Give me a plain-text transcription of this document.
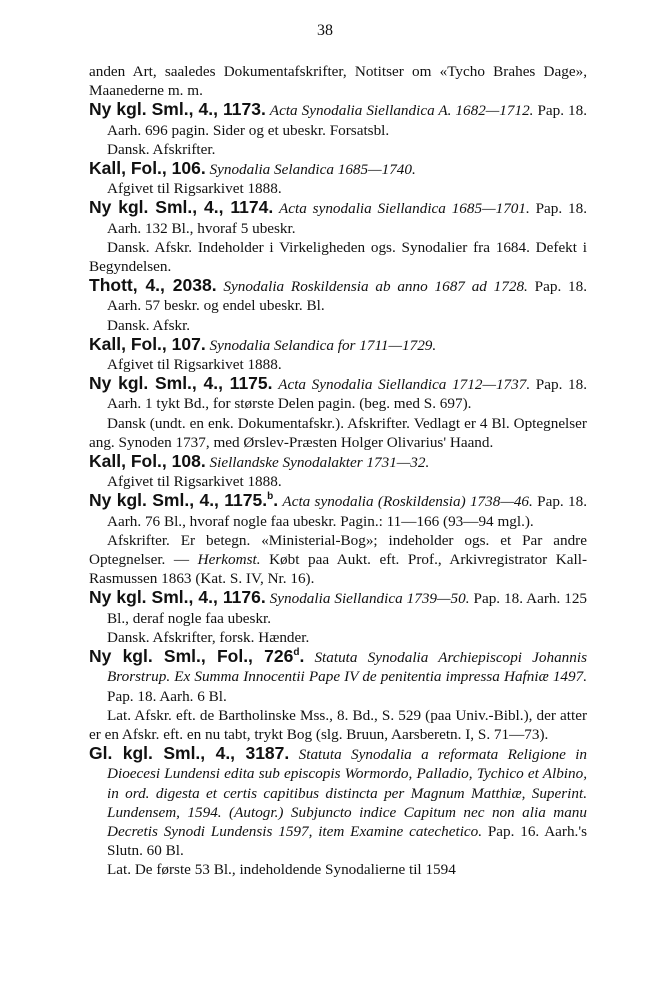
38

anden Art, saaledes Dokumentafskrifter, Notitser om «Tycho Brahes Dage», Maanederne m. m.

Ny kgl. Sml., 4., 1173. Acta Synodalia Siellandica A. 1682—1712. Pap. 18. Aarh. 696 pagin. Sider og et ubeskr. Forsatsbl.

Dansk. Afskrifter.

Kall, Fol., 106. Synodalia Selandica 1685—1740.

Afgivet til Rigsarkivet 1888.

Ny kgl. Sml., 4., 1174. Acta synodalia Siellandica 1685—1701. Pap. 18. Aarh. 132 Bl., hvoraf 5 ubeskr.

Dansk. Afskr. Indeholder i Virkeligheden ogs. Synodalier fra 1684. Defekt i Begyndelsen.

Thott, 4., 2038. Synodalia Roskildensia ab anno 1687 ad 1728. Pap. 18. Aarh. 57 beskr. og endel ubeskr. Bl.

Dansk. Afskr.

Kall, Fol., 107. Synodalia Selandica for 1711—1729.

Afgivet til Rigsarkivet 1888.

Ny kgl. Sml., 4., 1175. Acta Synodalia Siellandica 1712—1737. Pap. 18. Aarh. 1 tykt Bd., for største Delen pagin. (beg. med S. 697).

Dansk (undt. en enk. Dokumentafskr.). Afskrifter. Vedlagt er 4 Bl. Optegnelser ang. Synoden 1737, med Ørslev-Præsten Holger Olivarius' Haand.

Kall, Fol., 108. Siellandske Synodalakter 1731—32.

Afgivet til Rigsarkivet 1888.

Ny kgl. Sml., 4., 1175.$^b$. Acta synodalia (Roskildensia) 1738—46. Pap. 18. Aarh. 76 Bl., hvoraf nogle faa ubeskr. Pagin.: 11—166 (93—94 mgl.).

Afskrifter. Er betegn. «Ministerial-Bog»; indeholder ogs. et Par andre Optegnelser. — Herkomst. Købt paa Aukt. eft. Prof., Arkivregistrator Kall-Rasmussen 1863 (Kat. S. IV, Nr. 16).

Ny kgl. Sml., 4., 1176. Synodalia Siellandica 1739—50. Pap. 18. Aarh. 125 Bl., deraf nogle faa ubeskr.

Dansk. Afskrifter, forsk. Hænder.

Ny kgl. Sml., Fol., 726$^d$. Statuta Synodalia Archiepiscopi Johannis Brorstrup. Ex Summa Innocentii Pape IV de penitentia impressa Hafniæ 1497. Pap. 18. Aarh. 6 Bl.

Lat. Afskr. eft. de Bartholinske Mss., 8. Bd., S. 529 (paa Univ.-Bibl.), der atter er en Afskr. eft. en nu tabt, trykt Bog (slg. Bruun, Aarsberetn. I, S. 71—73).

Gl. kgl. Sml., 4., 3187. Statuta Synodalia a reformata Religione in Dioecesi Lundensi edita sub episcopis Wormordo, Palladio, Tychico et Albino, in ord. digesta et certis capitibus distincta per Magnum Matthiæ, Superint. Lundensem, 1594. (Autogr.) Subjuncto indice Capitum nec non alia manu Decretis Synodi Lundensis 1597, item Examine catechetico. Pap. 16. Aarh.'s Slutn. 60 Bl.

Lat. De første 53 Bl., indeholdende Synodalierne til 1594
